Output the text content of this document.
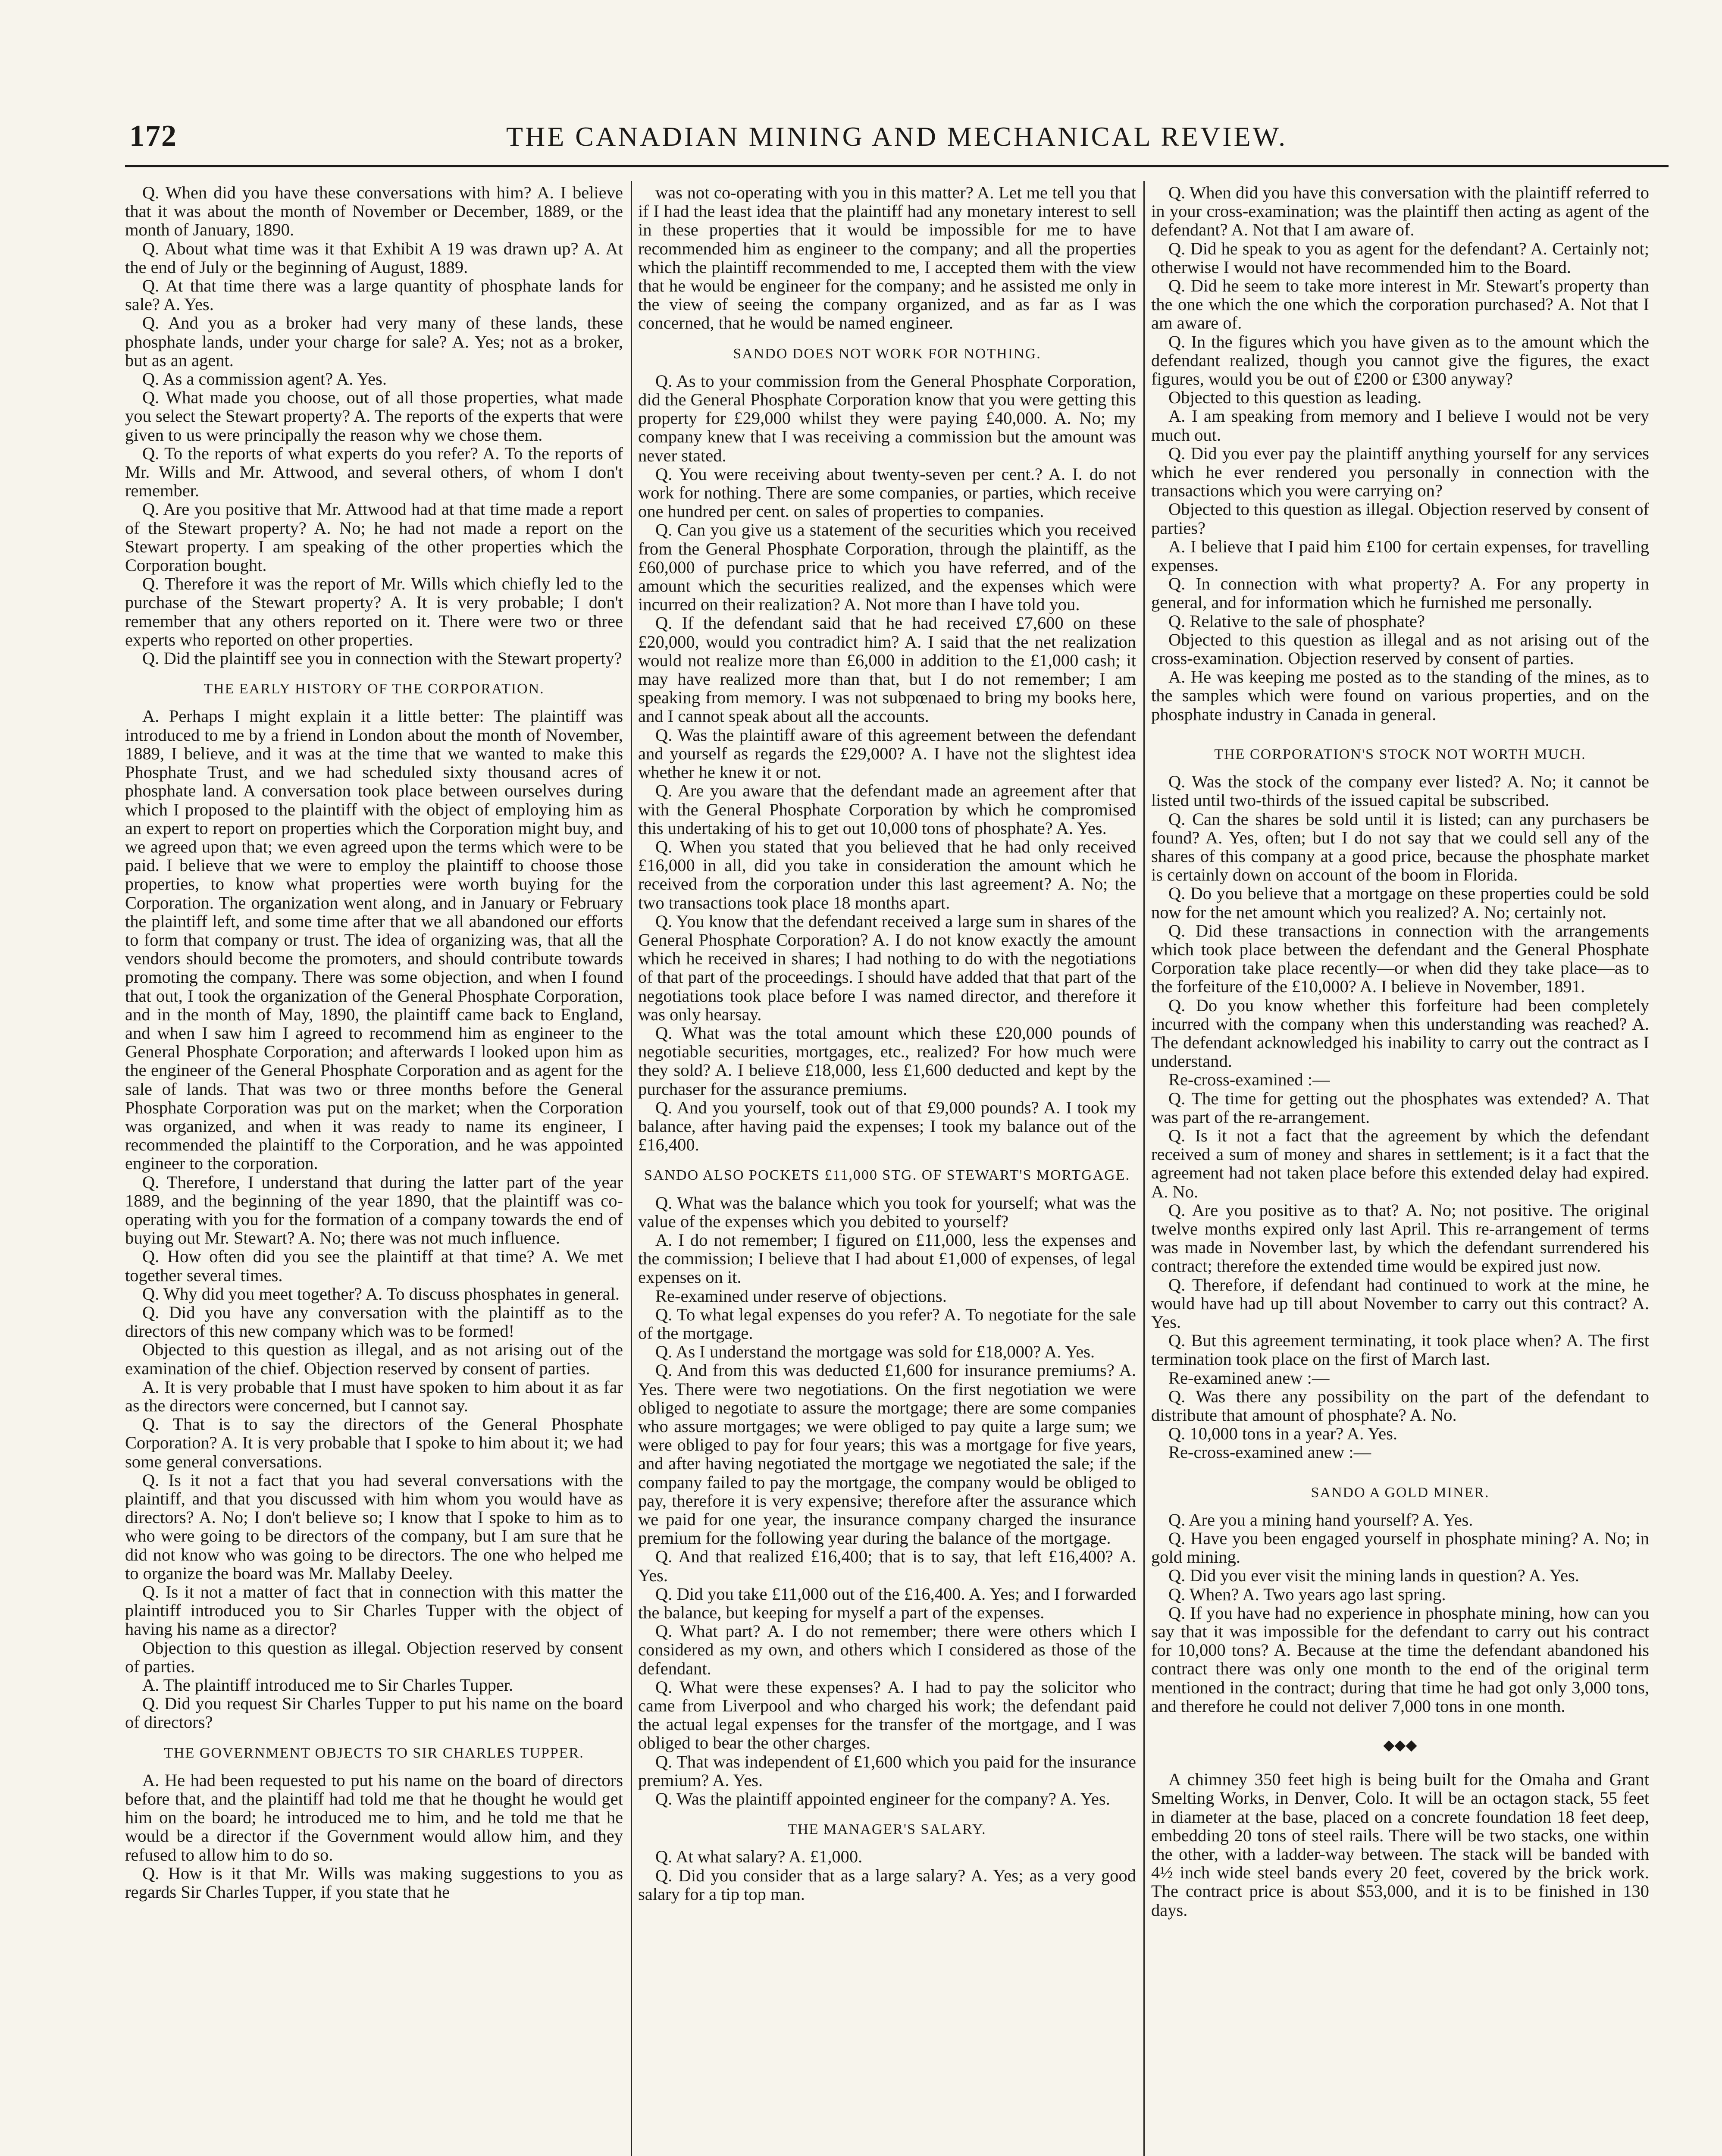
172	THE CANADIAN MINING AND MECHANICAL REVIEW.

Q. When did you have these conversations with him? A. I believe that it was about the month of November or December, 1889, or the month of January, 1890.

Q. About what time was it that Exhibit A 19 was drawn up? A. At the end of July or the beginning of August, 1889.

Q. At that time there was a large quantity of phosphate lands for sale? A. Yes.

Q. And you as a broker had very many of these lands, these phosphate lands, under your charge for sale? A. Yes; not as a broker, but as an agent.

Q. As a commission agent? A. Yes.

Q. What made you choose, out of all those properties, what made you select the Stewart property? A. The reports of the experts that were given to us were principally the reason why we chose them.

Q. To the reports of what experts do you refer? A. To the reports of Mr. Wills and Mr. Attwood, and several others, of whom I don't remember.

Q. Are you positive that Mr. Attwood had at that time made a report of the Stewart property? A. No; he had not made a report on the Stewart property. I am speaking of the other properties which the Corporation bought.

Q. Therefore it was the report of Mr. Wills which chiefly led to the purchase of the Stewart property? A. It is very probable; I don't remember that any others reported on it. There were two or three experts who reported on other properties.

Q. Did the plaintiff see you in connection with the Stewart property?

THE EARLY HISTORY OF THE CORPORATION.

A. Perhaps I might explain it a little better: The plaintiff was introduced to me by a friend in London about the month of November, 1889, I believe, and it was at the time that we wanted to make this Phosphate Trust, and we had scheduled sixty thousand acres of phosphate land. A conversation took place between ourselves during which I proposed to the plaintiff with the object of employing him as an expert to report on properties which the Corporation might buy, and we agreed upon that; we even agreed upon the terms which were to be paid. I believe that we were to employ the plaintiff to choose those properties, to know what properties were worth buying for the Corporation. The organization went along, and in January or February the plaintiff left, and some time after that we all abandoned our efforts to form that company or trust. The idea of organizing was, that all the vendors should become the promoters, and should contribute towards promoting the company. There was some objection, and when I found that out, I took the organization of the General Phosphate Corporation, and in the month of May, 1890, the plaintiff came back to England, and when I saw him I agreed to recommend him as engineer to the General Phosphate Corporation; and afterwards I looked upon him as the engineer of the General Phosphate Corporation and as agent for the sale of lands. That was two or three months before the General Phosphate Corporation was put on the market; when the Corporation was organized, and when it was ready to name its engineer, I recommended the plaintiff to the Corporation, and he was appointed engineer to the corporation.

Q. Therefore, I understand that during the latter part of the year 1889, and the beginning of the year 1890, that the plaintiff was co-operating with you for the formation of a company towards the end of buying out Mr. Stewart? A. No; there was not much influence.

Q. How often did you see the plaintiff at that time? A. We met together several times.

Q. Why did you meet together? A. To discuss phosphates in general.

Q. Did you have any conversation with the plaintiff as to the directors of this new company which was to be formed!

Objected to this question as illegal, and as not arising out of the examination of the chief. Objection reserved by consent of parties.

A. It is very probable that I must have spoken to him about it as far as the directors were concerned, but I cannot say.

Q. That is to say the directors of the General Phosphate Corporation? A. It is very probable that I spoke to him about it; we had some general conversations.

Q. Is it not a fact that you had several conversations with the plaintiff, and that you discussed with him whom you would have as directors? A. No; I don't believe so; I know that I spoke to him as to who were going to be directors of the company, but I am sure that he did not know who was going to be directors. The one who helped me to organize the board was Mr. Mallaby Deeley.

Q. Is it not a matter of fact that in connection with this matter the plaintiff introduced you to Sir Charles Tupper with the object of having his name as a director?

Objection to this question as illegal. Objection reserved by consent of parties.

A. The plaintiff introduced me to Sir Charles Tupper.

Q. Did you request Sir Charles Tupper to put his name on the board of directors?

THE GOVERNMENT OBJECTS TO SIR CHARLES TUPPER.

A. He had been requested to put his name on the board of directors before that, and the plaintiff had told me that he thought he would get him on the board; he introduced me to him, and he told me that he would be a director if the Government would allow him, and they refused to allow him to do so.

Q. How is it that Mr. Wills was making suggestions to you as regards Sir Charles Tupper, if you state that he

was not co-operating with you in this matter? A. Let me tell you that if I had the least idea that the plaintiff had any monetary interest to sell in these properties that it would be impossible for me to have recommended him as engineer to the company; and all the properties which the plaintiff recommended to me, I accepted them with the view that he would be engineer for the company; and he assisted me only in the view of seeing the company organized, and as far as I was concerned, that he would be named engineer.

SANDO DOES NOT WORK FOR NOTHING.

Q. As to your commission from the General Phosphate Corporation, did the General Phosphate Corporation know that you were getting this property for £29,000 whilst they were paying £40,000. A. No; my company knew that I was receiving a commission but the amount was never stated.

Q. You were receiving about twenty-seven per cent.? A. I. do not work for nothing. There are some companies, or parties, which receive one hundred per cent. on sales of properties to companies.

Q. Can you give us a statement of the securities which you received from the General Phosphate Corporation, through the plaintiff, as the £60,000 of purchase price to which you have referred, and of the amount which the securities realized, and the expenses which were incurred on their realization? A. Not more than I have told you.

Q. If the defendant said that he had received £7,600 on these £20,000, would you contradict him? A. I said that the net realization would not realize more than £6,000 in addition to the £1,000 cash; it may have realized more than that, but I do not remember; I am speaking from memory. I was not subpœnaed to bring my books here, and I cannot speak about all the accounts.

Q. Was the plaintiff aware of this agreement between the defendant and yourself as regards the £29,000? A. I have not the slightest idea whether he knew it or not.

Q. Are you aware that the defendant made an agreement after that with the General Phosphate Corporation by which he compromised this undertaking of his to get out 10,000 tons of phosphate? A. Yes.

Q. When you stated that you believed that he had only received £16,000 in all, did you take in consideration the amount which he received from the corporation under this last agreement? A. No; the two transactions took place 18 months apart.

Q. You know that the defendant received a large sum in shares of the General Phosphate Corporation? A. I do not know exactly the amount which he received in shares; I had nothing to do with the negotiations of that part of the proceedings. I should have added that that part of the negotiations took place before I was named director, and therefore it was only hearsay.

Q. What was the total amount which these £20,000 pounds of negotiable securities, mortgages, etc., realized? For how much were they sold? A. I believe £18,000, less £1,600 deducted and kept by the purchaser for the assurance premiums.

Q. And you yourself, took out of that £9,000 pounds? A. I took my balance, after having paid the expenses; I took my balance out of the £16,400.

SANDO ALSO POCKETS £11,000 STG. OF STEWART'S MORTGAGE.

Q. What was the balance which you took for yourself; what was the value of the expenses which you debited to yourself?

A. I do not remember; I figured on £11,000, less the expenses and the commission; I believe that I had about £1,000 of expenses, of legal expenses on it.

Re-examined under reserve of objections.

Q. To what legal expenses do you refer? A. To negotiate for the sale of the mortgage.

Q. As I understand the mortgage was sold for £18,000? A. Yes.

Q. And from this was deducted £1,600 for insurance premiums? A. Yes. There were two negotiations. On the first negotiation we were obliged to negotiate to assure the mortgage; there are some companies who assure mortgages; we were obliged to pay quite a large sum; we were obliged to pay for four years; this was a mortgage for five years, and after having negotiated the mortgage we negotiated the sale; if the company failed to pay the mortgage, the company would be obliged to pay, therefore it is very expensive; therefore after the assurance which we paid for one year, the insurance company charged the insurance premium for the following year during the balance of the mortgage.

Q. And that realized £16,400; that is to say, that left £16,400? A. Yes.

Q. Did you take £11,000 out of the £16,400. A. Yes; and I forwarded the balance, but keeping for myself a part of the expenses.

Q. What part? A. I do not remember; there were others which I considered as my own, and others which I considered as those of the defendant.

Q. What were these expenses? A. I had to pay the solicitor who came from Liverpool and who charged his work; the defendant paid the actual legal expenses for the transfer of the mortgage, and I was obliged to bear the other charges.

Q. That was independent of £1,600 which you paid for the insurance premium? A. Yes.

Q. Was the plaintiff appointed engineer for the company? A. Yes.

THE MANAGER'S SALARY.

Q. At what salary? A. £1,000.

Q. Did you consider that as a large salary? A. Yes; as a very good salary for a tip top man.

Q. When did you have this conversation with the plaintiff referred to in your cross-examination; was the plaintiff then acting as agent of the defendant? A. Not that I am aware of.

Q. Did he speak to you as agent for the defendant? A. Certainly not; otherwise I would not have recommended him to the Board.

Q. Did he seem to take more interest in Mr. Stewart's property than the one which the one which the corporation purchased? A. Not that I am aware of.

Q. In the figures which you have given as to the amount which the defendant realized, though you cannot give the figures, the exact figures, would you be out of £200 or £300 anyway?

Objected to this question as leading.

A. I am speaking from memory and I believe I would not be very much out.

Q. Did you ever pay the plaintiff anything yourself for any services which he ever rendered you personally in connection with the transactions which you were carrying on?

Objected to this question as illegal. Objection reserved by consent of parties?

A. I believe that I paid him £100 for certain expenses, for travelling expenses.

Q. In connection with what property? A. For any property in general, and for information which he furnished me personally.

Q. Relative to the sale of phosphate?

Objected to this question as illegal and as not arising out of the cross-examination. Objection reserved by consent of parties.

A. He was keeping me posted as to the standing of the mines, as to the samples which were found on various properties, and on the phosphate industry in Canada in general.

THE CORPORATION'S STOCK NOT WORTH MUCH.

Q. Was the stock of the company ever listed? A. No; it cannot be listed until two-thirds of the issued capital be subscribed.

Q. Can the shares be sold until it is listed; can any purchasers be found? A. Yes, often; but I do not say that we could sell any of the shares of this company at a good price, because the phosphate market is certainly down on account of the boom in Florida.

Q. Do you believe that a mortgage on these properties could be sold now for the net amount which you realized? A. No; certainly not.

Q. Did these transactions in connection with the arrangements which took place between the defendant and the General Phosphate Corporation take place recently—or when did they take place—as to the forfeiture of the £10,000? A. I believe in November, 1891.

Q. Do you know whether this forfeiture had been completely incurred with the company when this understanding was reached? A. The defendant acknowledged his inability to carry out the contract as I understand.

Re-cross-examined :—

Q. The time for getting out the phosphates was extended? A. That was part of the re-arrangement.

Q. Is it not a fact that the agreement by which the defendant received a sum of money and shares in settlement; is it a fact that the agreement had not taken place before this extended delay had expired. A. No.

Q. Are you positive as to that? A. No; not positive. The original twelve months expired only last April. This re-arrangement of terms was made in November last, by which the defendant surrendered his contract; therefore the extended time would be expired just now.

Q. Therefore, if defendant had continued to work at the mine, he would have had up till about November to carry out this contract? A. Yes.

Q. But this agreement terminating, it took place when? A. The first termination took place on the first of March last.

Re-examined anew :—

Q. Was there any possibility on the part of the defendant to distribute that amount of phosphate? A. No.

Q. 10,000 tons in a year? A. Yes.

Re-cross-examined anew :—

SANDO A GOLD MINER.

Q. Are you a mining hand yourself? A. Yes.

Q. Have you been engaged yourself in phosphate mining? A. No; in gold mining.

Q. Did you ever visit the mining lands in question? A. Yes.

Q. When? A. Two years ago last spring.

Q. If you have had no experience in phosphate mining, how can you say that it was impossible for the defendant to carry out his contract for 10,000 tons? A. Because at the time the defendant abandoned his contract there was only one month to the end of the original term mentioned in the contract; during that time he had got only 3,000 tons, and therefore he could not deliver 7,000 tons in one month.

◆◆◆

A chimney 350 feet high is being built for the Omaha and Grant Smelting Works, in Denver, Colo. It will be an octagon stack, 55 feet in diameter at the base, placed on a concrete foundation 18 feet deep, embedding 20 tons of steel rails. There will be two stacks, one within the other, with a ladder-way between. The stack will be banded with 4½ inch wide steel bands every 20 feet, covered by the brick work. The contract price is about $53,000, and it is to be finished in 130 days.
